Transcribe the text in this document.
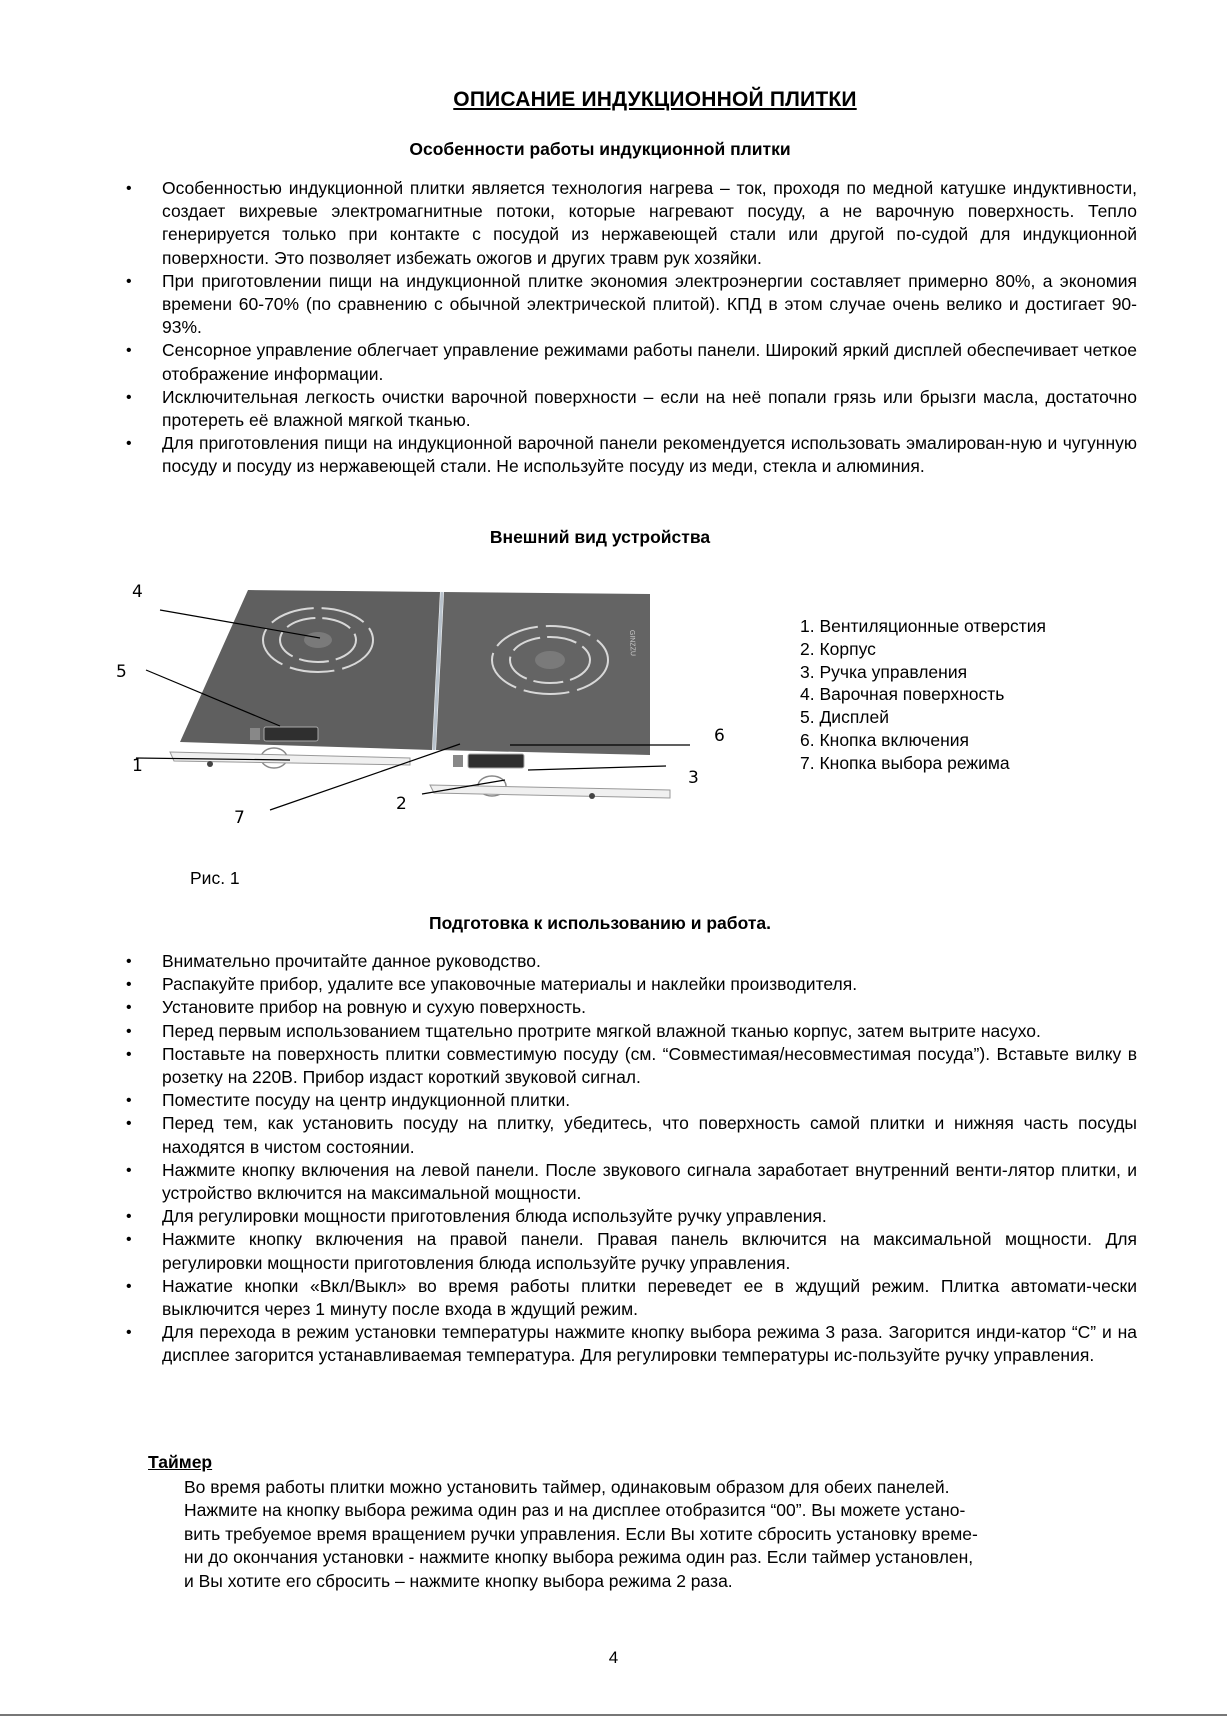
ОПИСАНИЕ ИНДУКЦИОННОЙ ПЛИТКИ
Особенности работы индукционной плитки
• Особенностью индукционной плитки является технология нагрева – ток, проходя по медной катушке индуктивности, создает вихревые электромагнитные потоки, которые нагревают посуду, а не варочную поверхность. Тепло генерируется только при контакте с посудой из нержавеющей стали или другой по-судой для индукционной поверхности. Это позволяет избежать ожогов и других травм рук хозяйки.
• При приготовлении пищи на индукционной плитке экономия электроэнергии составляет примерно 80%, а экономия времени 60-70% (по сравнению с обычной электрической плитой). КПД в этом случае очень велико и достигает 90-93%.
• Сенсорное управление облегчает управление режимами работы панели. Широкий яркий дисплей обеспечивает четкое отображение информации.
• Исключительная легкость очистки варочной поверхности – если на неё попали грязь или брызги масла, достаточно протереть её влажной мягкой тканью.
• Для приготовления пищи на индукционной варочной панели рекомендуется использовать эмалирован-ную и чугунную посуду и посуду из нержавеющей стали. Не используйте посуду из меди, стекла и алюминия.
Внешний вид устройства
GINZZU
4
5
1
7
2
6
3
1. Вентиляционные отверстия
2. Корпус
3. Ручка управления
4. Варочная поверхность
5. Дисплей
6. Кнопка включения
7. Кнопка выбора режима
Рис. 1
Подготовка к использованию и работа.
• Внимательно прочитайте данное руководство.
• Распакуйте прибор, удалите все упаковочные материалы и наклейки производителя.
• Установите прибор на ровную и сухую поверхность.
• Перед первым использованием тщательно протрите мягкой влажной тканью корпус, затем вытрите насухо.
• Поставьте на поверхность плитки совместимую посуду (см. “Совместимая/несовместимая посуда”). Вставьте вилку в розетку на 220В. Прибор издаст короткий звуковой сигнал.
• Поместите посуду на центр индукционной плитки.
• Перед тем, как установить посуду на плитку, убедитесь, что поверхность самой плитки и нижняя часть посуды находятся в чистом состоянии.
• Нажмите кнопку включения на левой панели. После звукового сигнала заработает внутренний венти-лятор плитки, и устройство включится на максимальной мощности.
• Для регулировки мощности приготовления блюда используйте ручку управления.
• Нажмите кнопку включения на правой панели. Правая панель включится на максимальной мощности. Для регулировки мощности приготовления блюда используйте ручку управления.
• Нажатие кнопки «Вкл/Выкл» во время работы плитки переведет ее в ждущий режим. Плитка автомати-чески выключится через 1 минуту после входа в ждущий режим.
• Для перехода в режим установки температуры нажмите кнопку выбора режима 3 раза. Загорится инди-катор “С” и на дисплее загорится устанавливаемая температура. Для регулировки температуры ис-пользуйте ручку управления.
Таймер

Во время работы плитки можно установить таймер, одинаковым образом для обеих панелей.
Нажмите на кнопку выбора режима один раз и на дисплее отобразится “00”. Вы можете устано-
вить требуемое время вращением ручки управления. Если Вы хотите сбросить установку време-
ни до окончания установки - нажмите кнопку выбора режима один раз. Если таймер установлен,
и Вы хотите его сбросить – нажмите кнопку выбора режима 2 раза.

4
